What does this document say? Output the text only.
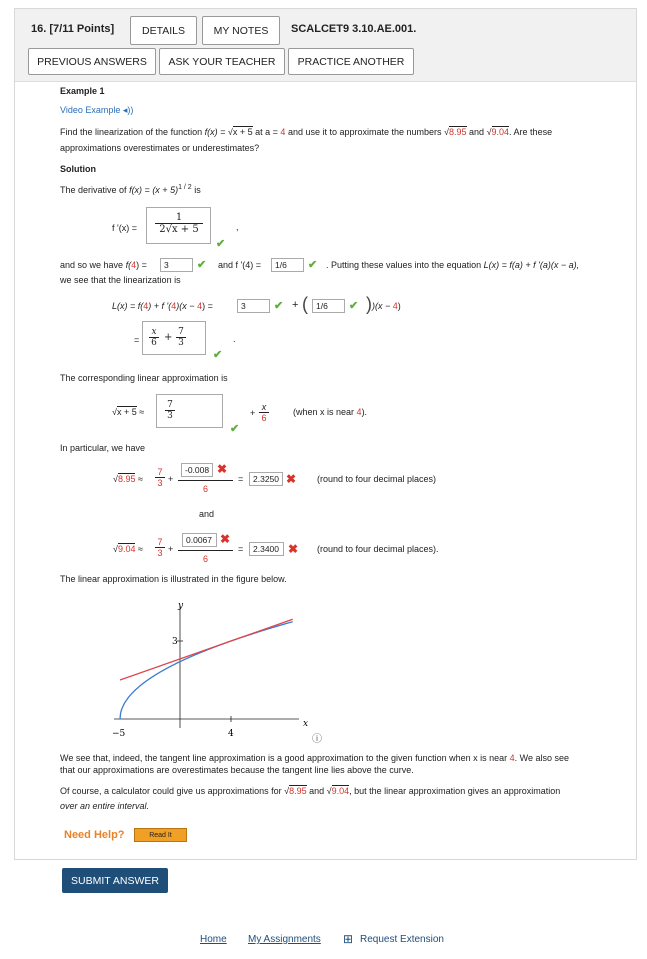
16. [7/11 Points]	DETAILS	MY NOTES	SCALCET9 3.10.AE.001.
PREVIOUS ANSWERS	ASK YOUR TEACHER	PRACTICE ANOTHER
Example 1
Video Example ◂))
Find the linearization of the function f(x) = √x + 5 at a = 4 and use it to approximate the numbers √8.95 and √9.04. Are these
approximations overestimates or underestimates?
Solution
The derivative of $f(x) = (x + 5)^{1 / 2}$ is
f '(x) =
1
2√x + 5
✔
,
and so we have f(4) =	3	✔ and f '(4) =	1/6	✔ . Putting these values into the equation L(x) = f(a) + f '(a)(x − a),
we see that the linearization is
L(x) = f(4) + f '(4)(x − 4) =	3	✔ + ( 1/6	✔ ) )(x − 4)
=
x
6 + 7
3
✔
.
The corresponding linear approximation is
√x + 5 ≈
7
3
✔
+
x
6
(when x is near 4).
In particular, we have
√8.95 ≈
7
3 +
-0.008 ✖
6
=	2.3250 ✖ (round to four decimal places)
and
√9.04 ≈
7
3 +
0.0067 ✖
6
=	2.3400 ✖ (round to four decimal places).
The linear approximation is illustrated in the figure below.
y
x
3
−5	4	ⓘ
We see that, indeed, the tangent line approximation is a good approximation to the given function when x is near 4. We also see
that our approximations are overestimates because the tangent line lies above the curve.
Of course, a calculator could give us approximations for √8.95 and √9.04, but the linear approximation gives an approximation
over an entire interval.
Need Help?	Read It
SUBMIT ANSWER
Home My Assignments ⊞ Request Extension
